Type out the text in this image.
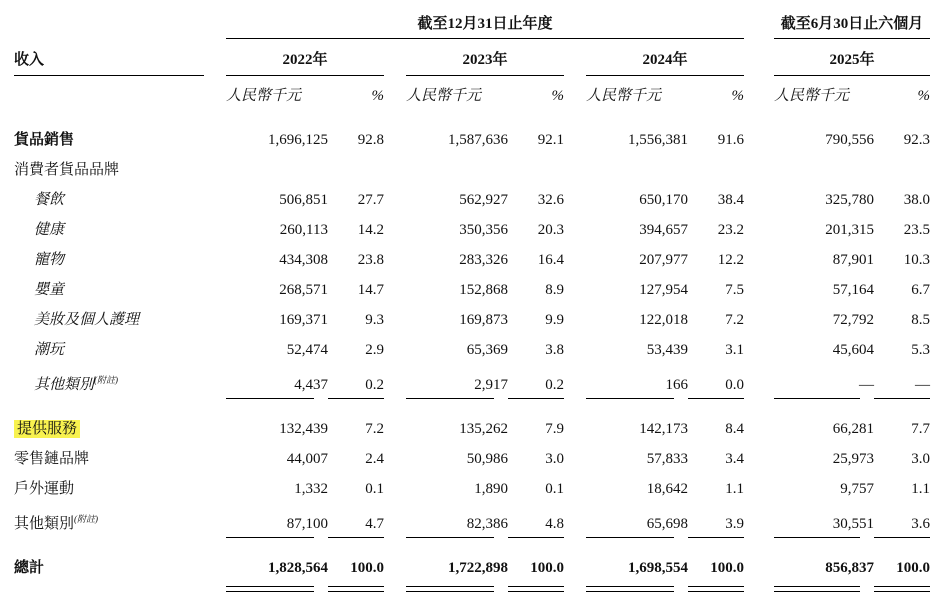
截至12月31日止年度	截至6月30日止六個月
收入	2022年	2023年	2024年	2025年
人民幣千元	% 人民幣千元	% 人民幣千元	% 人民幣千元	%
貨品銷售	1,696,125	92.8	1,587,636	92.1	1,556,381	91.6	790,556	92.3
消費者貨品品牌
餐飲	506,851	27.7	562,927	32.6	650,170	38.4	325,780	38.0
健康	260,113	14.2	350,356	20.3	394,657	23.2	201,315	23.5
寵物	434,308	23.8	283,326	16.4	207,977	12.2	87,901	10.3
嬰童	268,571	14.7	152,868	8.9	127,954	7.5	57,164	6.7
美妝及個人護理	169,371	9.3	169,873	9.9	122,018	7.2	72,792	8.5
潮玩	52,474	2.9	65,369	3.8	53,439	3.1	45,604	5.3
其他類別$^{(附註)}$	4,437	0.2	2,917	0.2	166	0.0	—	—
提供服務	132,439	7.2	135,262	7.9	142,173	8.4	66,281	7.7
零售鏈品牌	44,007	2.4	50,986	3.0	57,833	3.4	25,973	3.0
戶外運動	1,332	0.1	1,890	0.1	18,642	1.1	9,757	1.1
其他類別$^{(附註)}$	87,100	4.7	82,386	4.8	65,698	3.9	30,551	3.6
總計	1,828,564	100.0	1,722,898	100.0	1,698,554	100.0	856,837	100.0
